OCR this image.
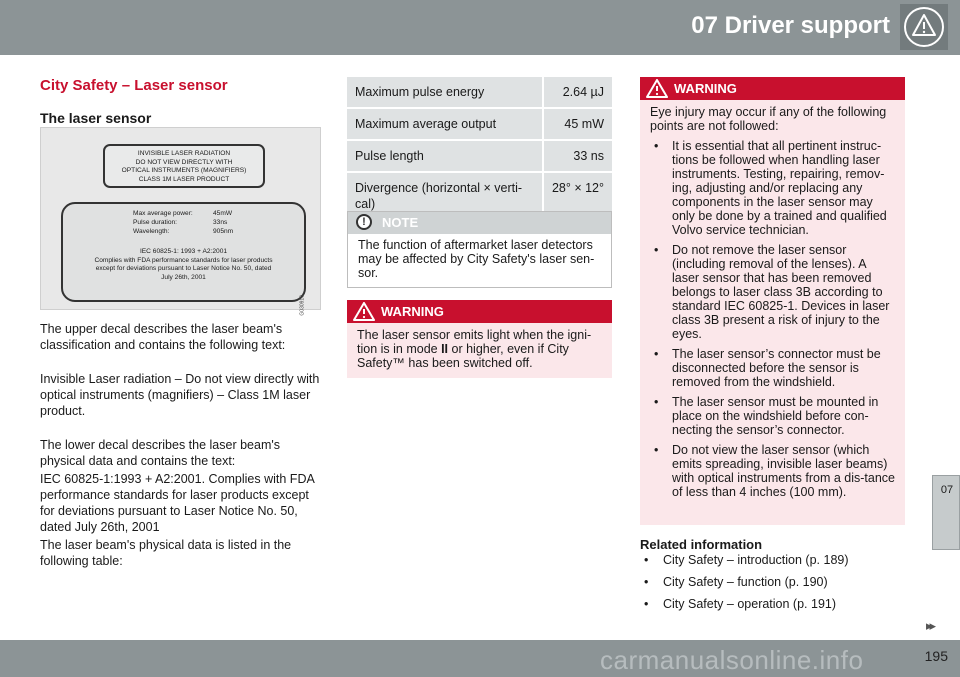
07 Driver support
City Safety – Laser sensor
The laser sensor
INVISIBLE LASER RADIATION
DO NOT VIEW DIRECTLY WITH
OPTICAL INSTRUMENTS (MAGNIFIERS)
CLASS 1M LASER PRODUCT
Max average power:	45mW
Pulse duration:	33ns
Wavelength:	905nm
IEC 60825-1: 1993 + A2:2001
Complies with FDA performance standards for laser products
except for deviations pursuant to Laser Notice No. 50, dated
July 26th, 2001
G030910
The upper decal describes the laser beam's classification and contains the following text:
Invisible Laser radiation – Do not view directly with optical instruments (magnifiers) – Class 1M laser product.
The lower decal describes the laser beam's physical data and contains the text:
IEC 60825-1:1993 + A2:2001. Complies with FDA performance standards for laser products except for deviations pursuant to Laser Notice No. 50, dated July 26th, 2001
The laser beam's physical data is listed in the following table:
Maximum pulse energy	2.64 µJ
Maximum average output	45 mW
Pulse length	33 ns
Divergence (horizontal × verti-cal)	28° × 12°
!	NOTE
The function of aftermarket laser detectors may be affected by City Safety's laser sen-sor.
WARNING
The laser sensor emits light when the igni-tion is in mode II or higher, even if City Safety™ has been switched off.
WARNING
Eye injury may occur if any of the following points are not followed:
• It is essential that all pertinent instruc-tions be followed when handling laser instruments. Testing, repairing, remov-ing, adjusting and/or replacing any components in the laser sensor may only be done by a trained and qualified Volvo service technician.
• Do not remove the laser sensor (including removal of the lenses). A laser sensor that has been removed belongs to laser class 3B according to standard IEC 60825-1. Devices in laser class 3B present a risk of injury to the eyes.
• The laser sensor’s connector must be disconnected before the sensor is removed from the windshield.
• The laser sensor must be mounted in place on the windshield before con-necting the sensor’s connector.
• Do not view the laser sensor (which emits spreading, invisible laser beams) with optical instruments from a dis-tance of less than 4 inches (100 mm).
Related information
• City Safety – introduction (p. 189)
• City Safety – function (p. 190)
• City Safety – operation (p. 191)
07
▸▸
carmanualsonline.info	195
